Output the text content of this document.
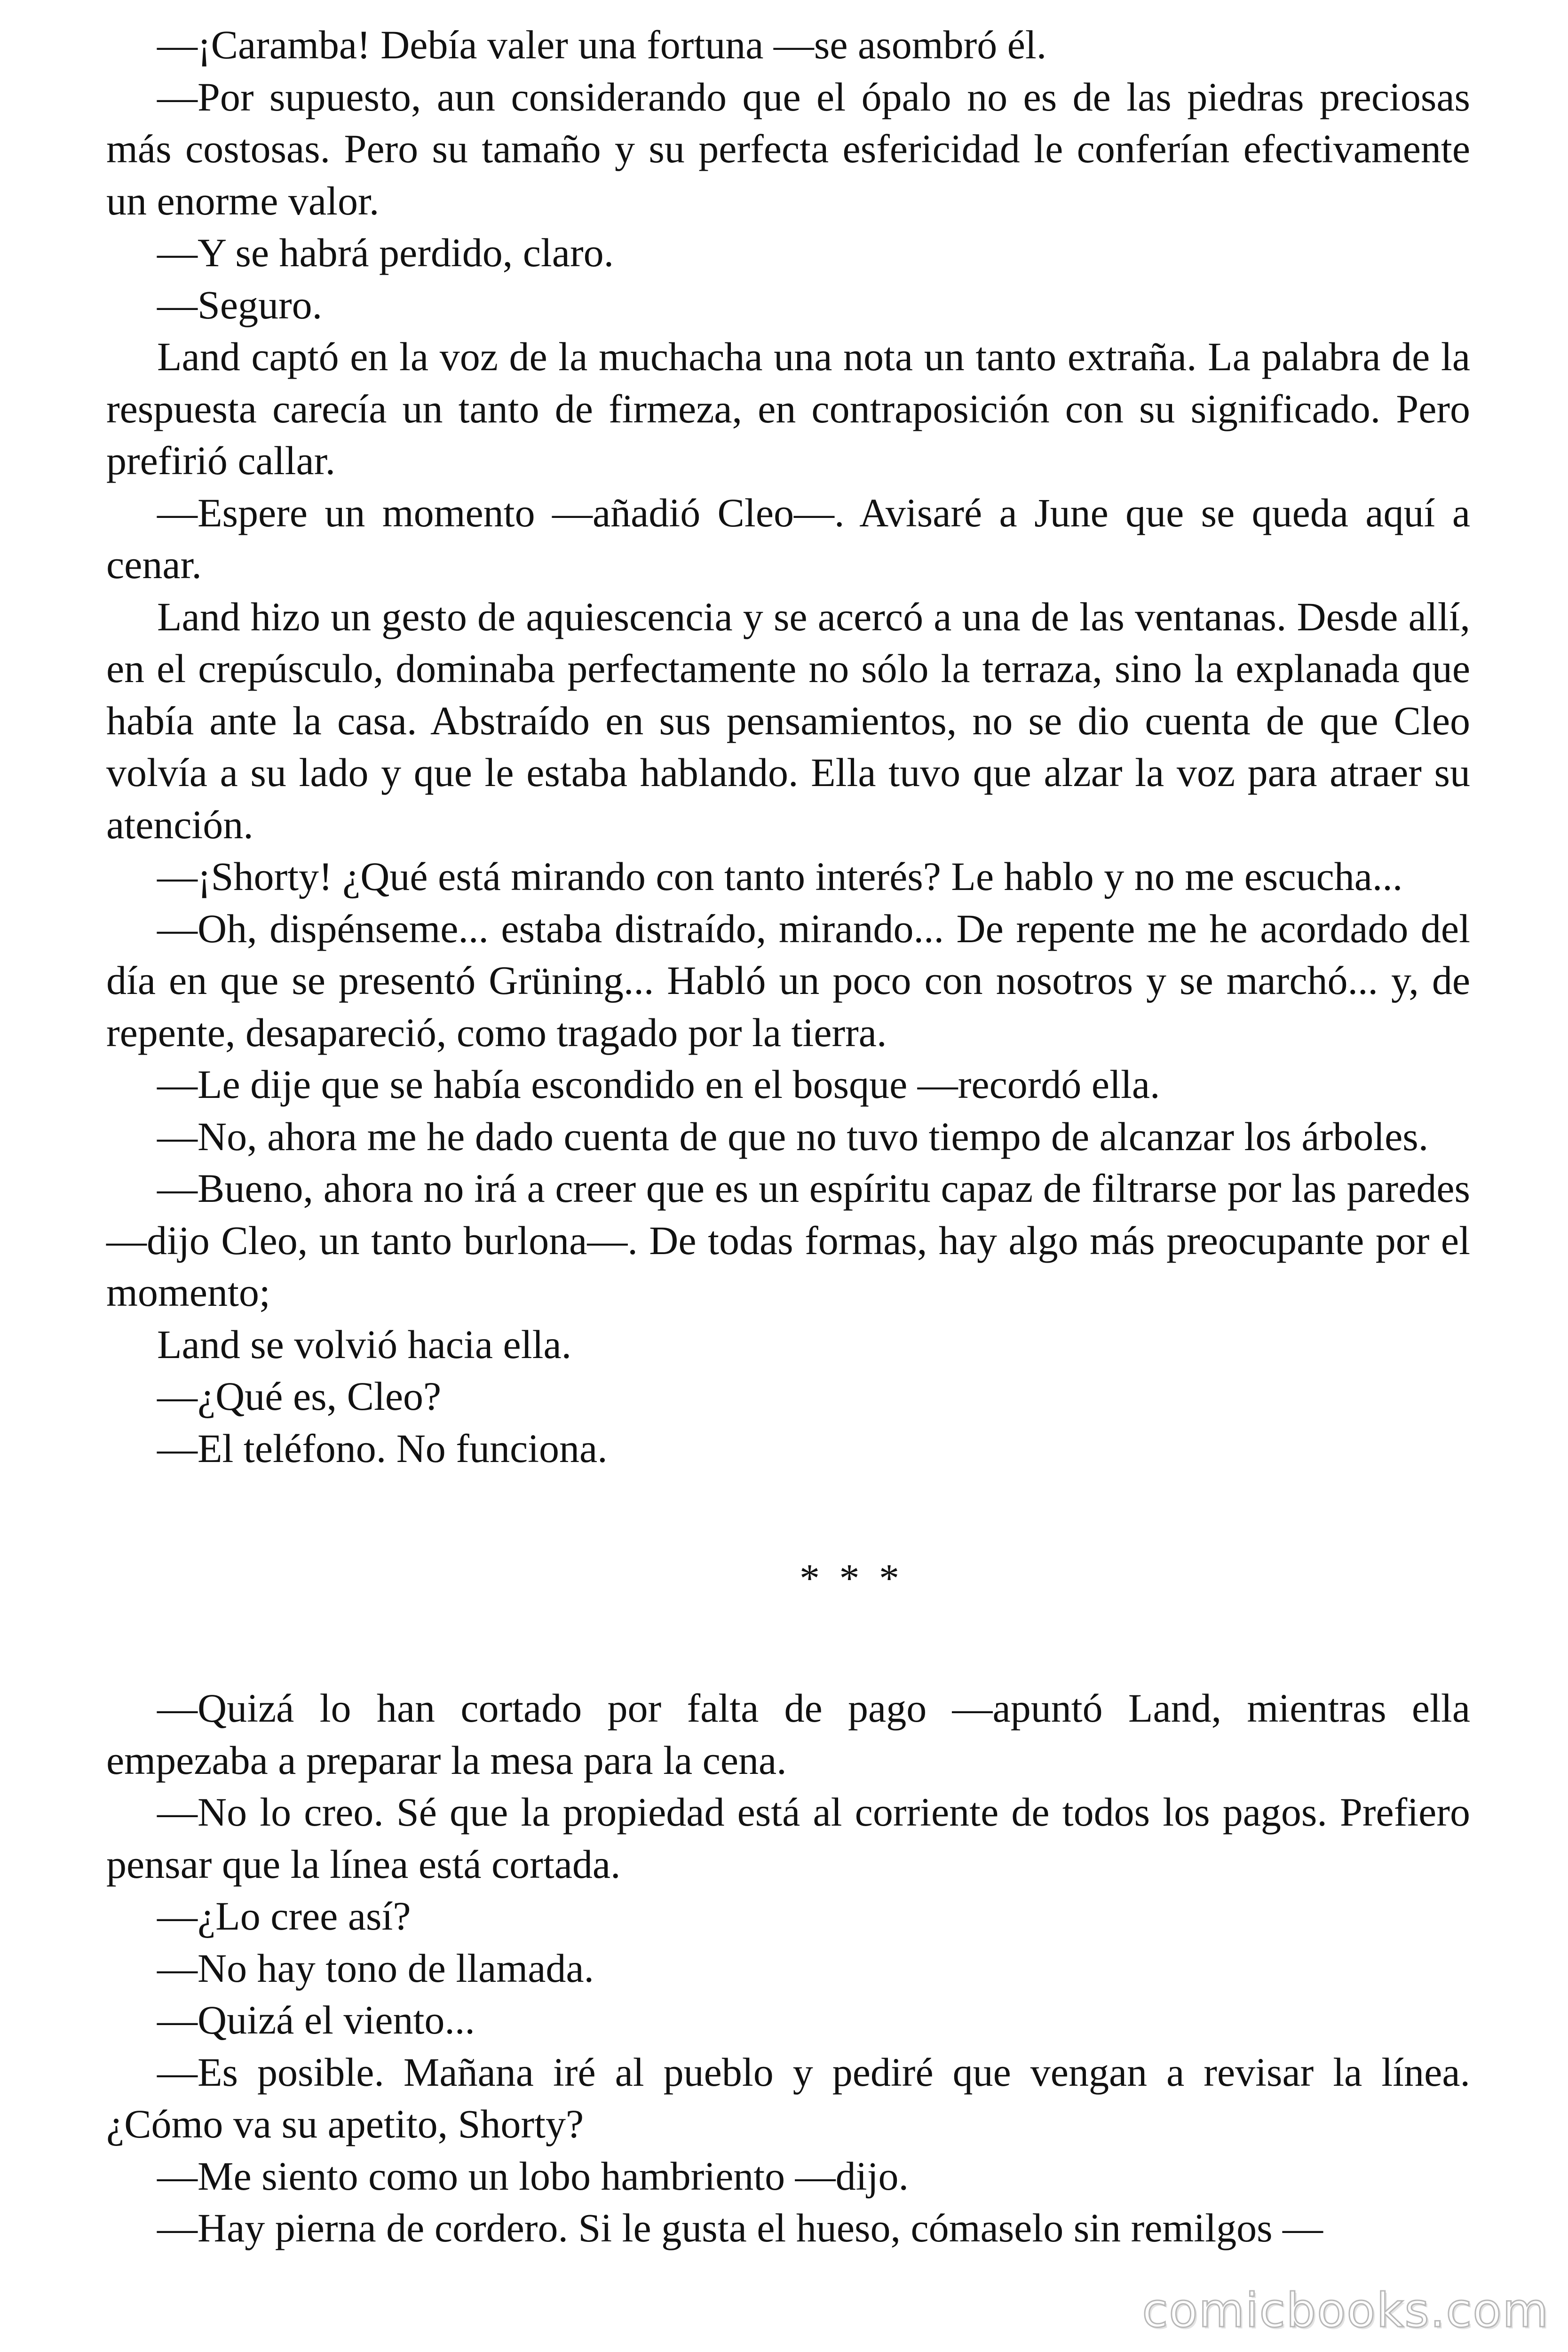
—¡Caramba! Debía valer una fortuna —se asombró él.

—Por supuesto, aun considerando que el ópalo no es de las piedras preciosas más costosas. Pero su tamaño y su perfecta esfericidad le conferían efectivamente un enorme valor.

—Y se habrá perdido, claro.

—Seguro.

Land captó en la voz de la muchacha una nota un tanto extraña. La palabra de la respuesta carecía un tanto de firmeza, en contraposición con su significado. Pero prefirió callar.

—Espere un momento —añadió Cleo—. Avisaré a June que se queda aquí a cenar.

Land hizo un gesto de aquiescencia y se acercó a una de las ventanas. Desde allí, en el crepúsculo, dominaba perfectamente no sólo la terraza, sino la explanada que había ante la casa. Abstraído en sus pensamientos, no se dio cuenta de que Cleo volvía a su lado y que le estaba hablando. Ella tuvo que alzar la voz para atraer su atención.

—¡Shorty! ¿Qué está mirando con tanto interés? Le hablo y no me escucha...

—Oh, dispénseme... estaba distraído, mirando... De repente me he acordado del día en que se presentó Grüning... Habló un poco con nosotros y se marchó... y, de repente, desapareció, como tragado por la tierra.

—Le dije que se había escondido en el bosque —recordó ella.

—No, ahora me he dado cuenta de que no tuvo tiempo de alcanzar los árboles.

—Bueno, ahora no irá a creer que es un espíritu capaz de filtrarse por las paredes —dijo Cleo, un tanto burlona—. De todas formas, hay algo más preocupante por el momento;

Land se volvió hacia ella.

—¿Qué es, Cleo?

—El teléfono. No funciona.

* * *

—Quizá lo han cortado por falta de pago —apuntó Land, mientras ella empezaba a preparar la mesa para la cena.

—No lo creo. Sé que la propiedad está al corriente de todos los pagos. Prefiero pensar que la línea está cortada.

—¿Lo cree así?

—No hay tono de llamada.

—Quizá el viento...

—Es posible. Mañana iré al pueblo y pediré que vengan a revisar la línea. ¿Cómo va su apetito, Shorty?

—Me siento como un lobo hambriento —dijo.

—Hay pierna de cordero. Si le gusta el hueso, cómaselo sin remilgos —

comicbooks.com
